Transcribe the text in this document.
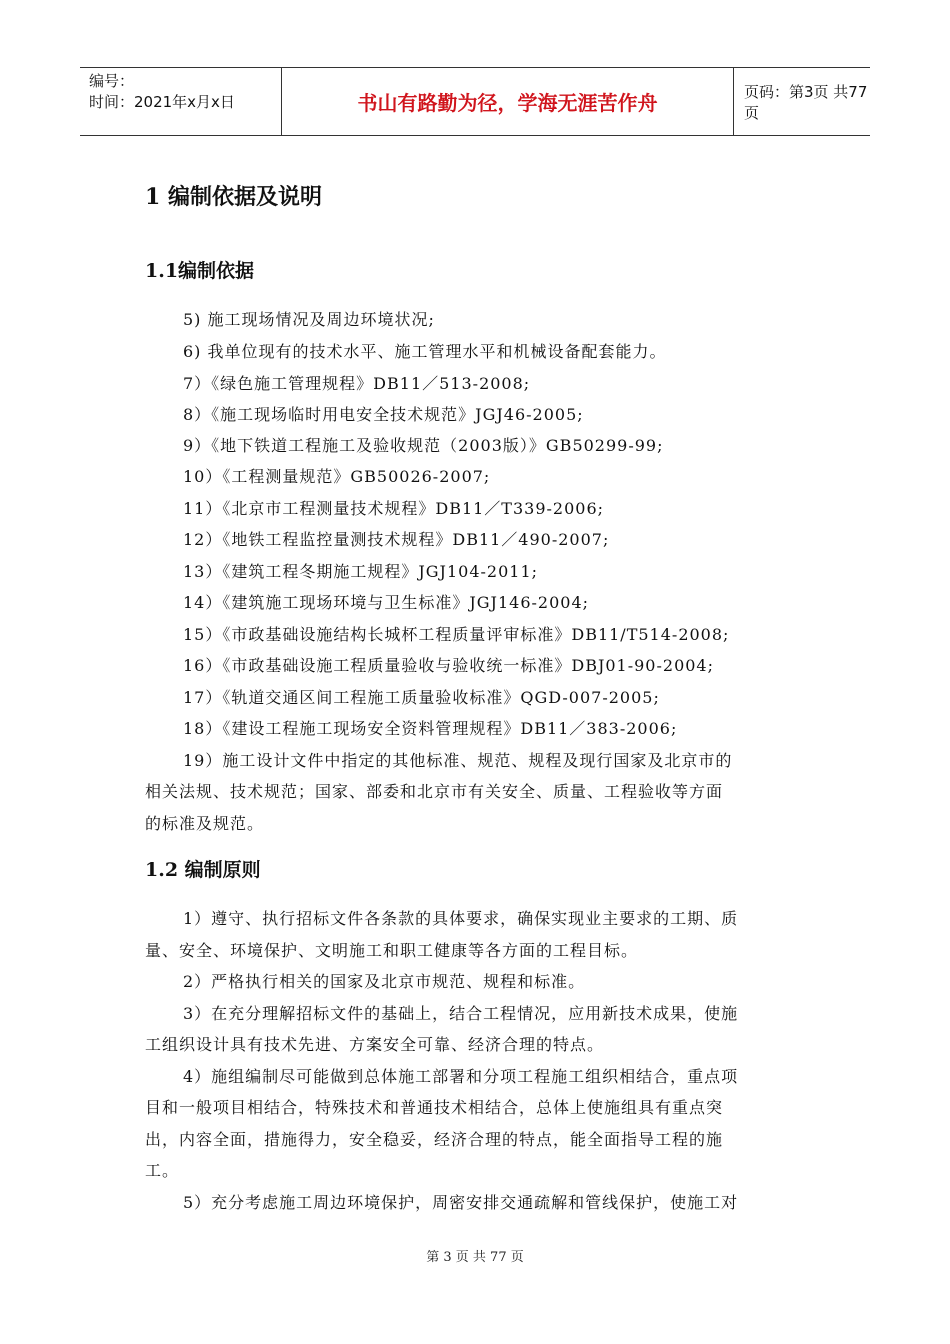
编号：
时间：2021年x月x日	书山有路勤为径，学海无涯苦作舟	页码：第3页 共77页
1 编制依据及说明
1.1编制依据

5) 施工现场情况及周边环境状况;

6) 我单位现有的技术水平、施工管理水平和机械设备配套能力。

7）《绿色施工管理规程》DB11／513-2008;

8）《施工现场临时用电安全技术规范》JGJ46-2005;

9）《地下铁道工程施工及验收规范（2003版）》GB50299-99;

10）《工程测量规范》GB50026-2007;

11）《北京市工程测量技术规程》DB11／T339-2006;

12）《地铁工程监控量测技术规程》DB11／490-2007;

13）《建筑工程冬期施工规程》JGJ104-2011;

14）《建筑施工现场环境与卫生标准》JGJ146-2004;

15）《市政基础设施结构长城杯工程质量评审标准》DB11/T514-2008;

16）《市政基础设施工程质量验收与验收统一标准》DBJ01-90-2004;

17）《轨道交通区间工程施工质量验收标准》QGD-007-2005;

18）《建设工程施工现场安全资料管理规程》DB11／383-2006;

19）施工设计文件中指定的其他标准、规范、规程及现行国家及北京市的

相关法规、技术规范；国家、部委和北京市有关安全、质量、工程验收等方面

的标准及规范。

1.2 编制原则

1）遵守、执行招标文件各条款的具体要求，确保实现业主要求的工期、质

量、安全、环境保护、文明施工和职工健康等各方面的工程目标。

2）严格执行相关的国家及北京市规范、规程和标准。

3）在充分理解招标文件的基础上，结合工程情况，应用新技术成果，使施

工组织设计具有技术先进、方案安全可靠、经济合理的特点。

4）施组编制尽可能做到总体施工部署和分项工程施工组织相结合，重点项

目和一般项目相结合，特殊技术和普通技术相结合，总体上使施组具有重点突

出，内容全面，措施得力，安全稳妥，经济合理的特点，能全面指导工程的施

工。

5）充分考虑施工周边环境保护，周密安排交通疏解和管线保护，使施工对

第 3 页 共 77 页
